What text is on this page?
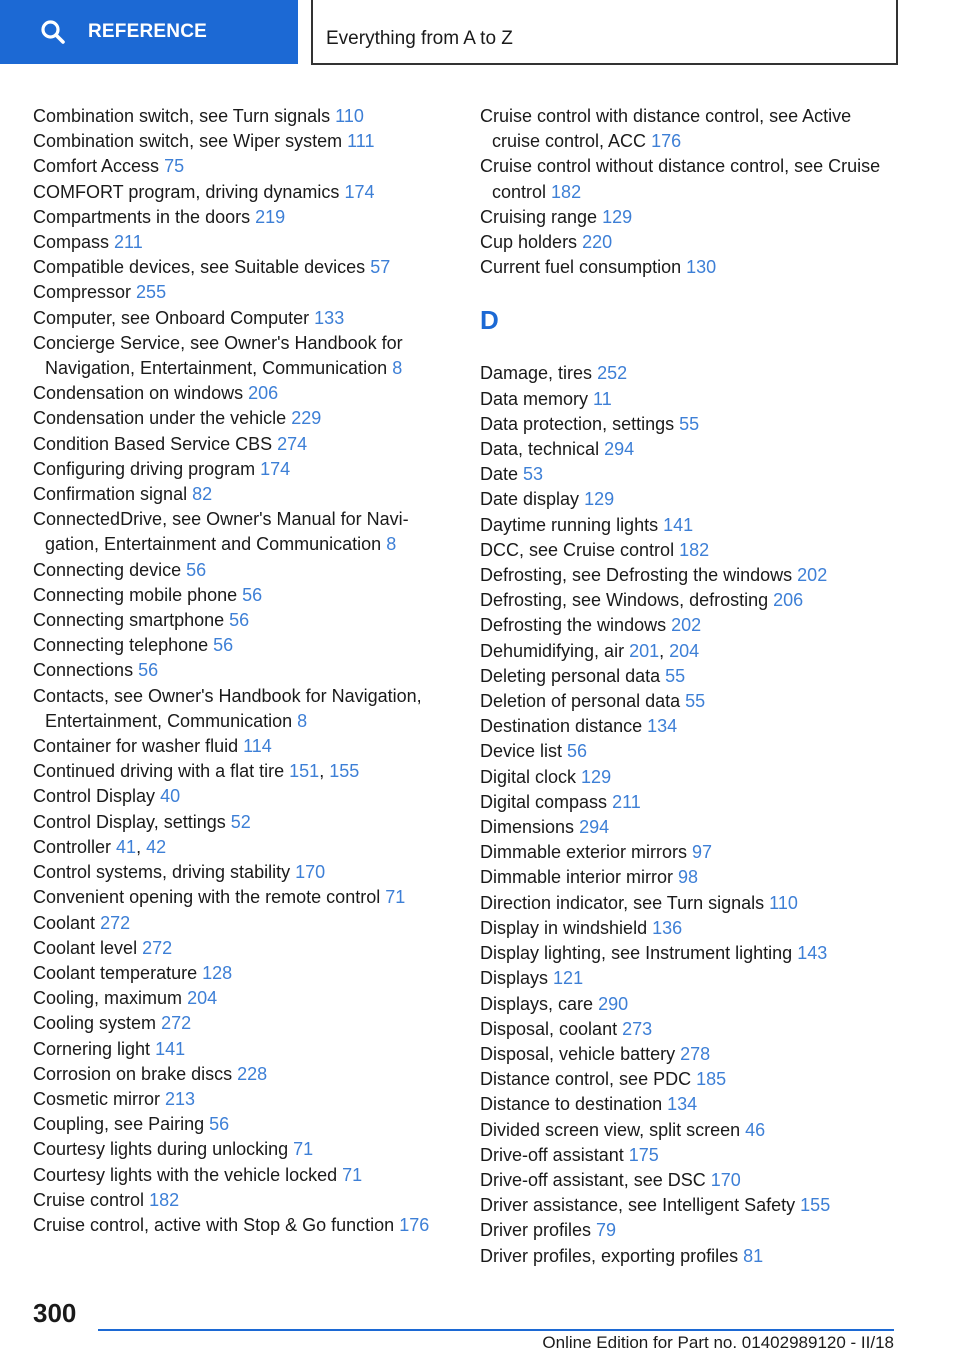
REFERENCE	Everything from A to Z
Combination switch, see Turn signals 110
Combination switch, see Wiper system 111
Comfort Access 75
COMFORT program, driving dynamics 174
Compartments in the doors 219
Compass 211
Compatible devices, see Suitable devices 57
Compressor 255
Computer, see Onboard Computer 133
Concierge Service, see Owner's Handbook for Navigation, Entertainment, Communication 8
Condensation on windows 206
Condensation under the vehicle 229
Condition Based Service CBS 274
Configuring driving program 174
Confirmation signal 82
ConnectedDrive, see Owner's Manual for Navigation, Entertainment and Communication 8
Connecting device 56
Connecting mobile phone 56
Connecting smartphone 56
Connecting telephone 56
Connections 56
Contacts, see Owner's Handbook for Navigation, Entertainment, Communication 8
Container for washer fluid 114
Continued driving with a flat tire 151, 155
Control Display 40
Control Display, settings 52
Controller 41, 42
Control systems, driving stability 170
Convenient opening with the remote control 71
Coolant 272
Coolant level 272
Coolant temperature 128
Cooling, maximum 204
Cooling system 272
Cornering light 141
Corrosion on brake discs 228
Cosmetic mirror 213
Coupling, see Pairing 56
Courtesy lights during unlocking 71
Courtesy lights with the vehicle locked 71
Cruise control 182
Cruise control, active with Stop & Go function 176
Cruise control with distance control, see Active cruise control, ACC 176
Cruise control without distance control, see Cruise control 182
Cruising range 129
Cup holders 220
Current fuel consumption 130
D
Damage, tires 252
Data memory 11
Data protection, settings 55
Data, technical 294
Date 53
Date display 129
Daytime running lights 141
DCC, see Cruise control 182
Defrosting, see Defrosting the windows 202
Defrosting, see Windows, defrosting 206
Defrosting the windows 202
Dehumidifying, air 201, 204
Deleting personal data 55
Deletion of personal data 55
Destination distance 134
Device list 56
Digital clock 129
Digital compass 211
Dimensions 294
Dimmable exterior mirrors 97
Dimmable interior mirror 98
Direction indicator, see Turn signals 110
Display in windshield 136
Display lighting, see Instrument lighting 143
Displays 121
Displays, care 290
Disposal, coolant 273
Disposal, vehicle battery 278
Distance control, see PDC 185
Distance to destination 134
Divided screen view, split screen 46
Drive-off assistant 175
Drive-off assistant, see DSC 170
Driver assistance, see Intelligent Safety 155
Driver profiles 79
Driver profiles, exporting profiles 81
300
Online Edition for Part no. 01402989120 - II/18
